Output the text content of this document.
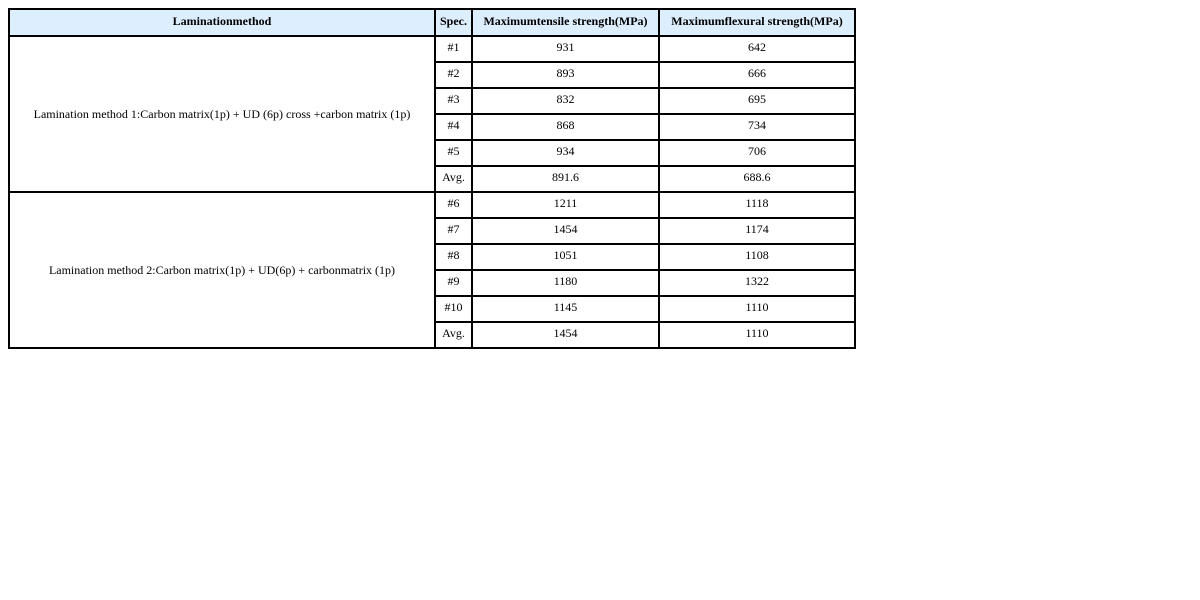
Laminationmethod	Spec.	Maximumtensile strength(MPa)	Maximumflexural strength(MPa)
Lamination method 1:Carbon matrix(1p) + UD (6p) cross +carbon matrix (1p)	#1	931	642
	#2	893	666
	#3	832	695
	#4	868	734
	#5	934	706
	Avg.	891.6	688.6
Lamination method 2:Carbon matrix(1p) + UD(6p) + carbonmatrix (1p)	#6	1211	1118
	#7	1454	1174
	#8	1051	1108
	#9	1180	1322
	#10	1145	1110
	Avg.	1454	1110
